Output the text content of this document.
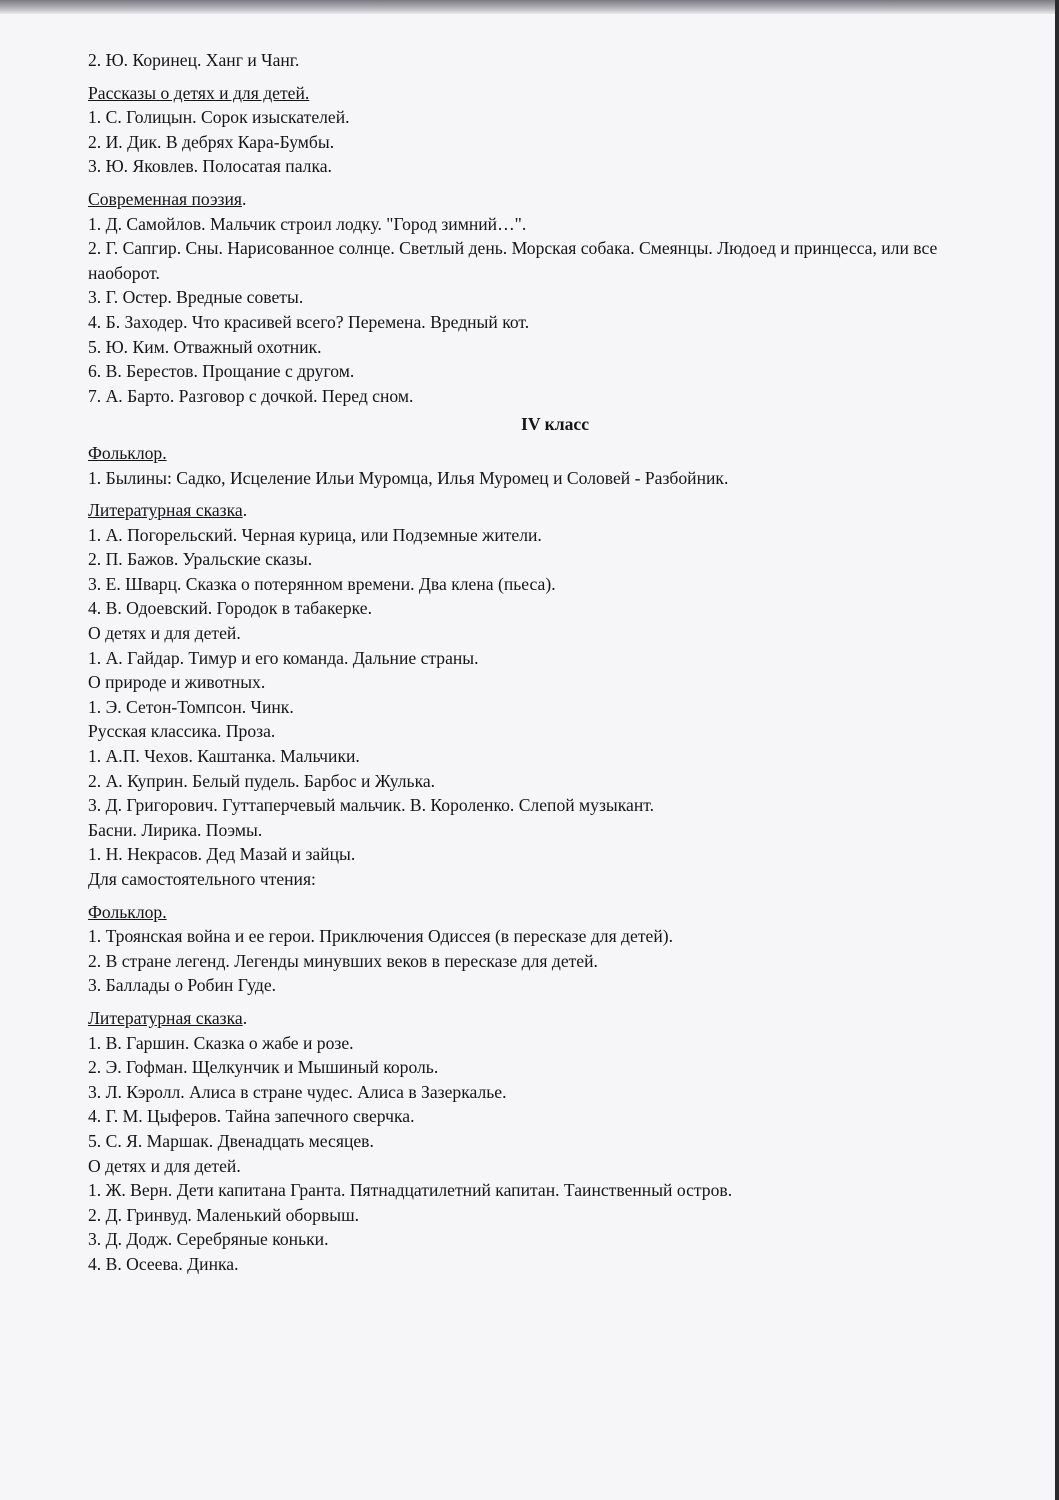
2. Ю. Коринец. Ханг и Чанг.
Рассказы о детях и для детей.
1. С. Голицын. Сорок изыскателей.
2. И. Дик. В дебрях Кара-Бумбы.
3. Ю. Яковлев. Полосатая палка.
Современная поэзия.
1. Д. Самойлов. Мальчик строил лодку. "Город зимний…".
2. Г. Сапгир. Сны. Нарисованное солнце. Светлый день. Морская собака. Смеянцы. Людоед и принцесса, или все наоборот.
3. Г. Остер. Вредные советы.
4. Б. Заходер. Что красивей всего? Перемена. Вредный кот.
5. Ю. Ким. Отважный охотник.
6. В. Берестов. Прощание с другом.
7. А. Барто. Разговор с дочкой. Перед сном.
IV класс
Фольклор.
1. Былины: Садко, Исцеление Ильи Муромца, Илья Муромец и Соловей - Разбойник.
Литературная сказка.
1. А. Погорельский. Черная курица, или Подземные жители.
2. П. Бажов. Уральские сказы.
3. Е. Шварц. Сказка о потерянном времени. Два клена (пьеса).
4. В. Одоевский. Городок в табакерке.
О детях и для детей.
1. А. Гайдар. Тимур и его команда. Дальние страны.
О природе и животных.
1. Э. Сетон-Томпсон. Чинк.
Русская классика. Проза.
1. А.П. Чехов. Каштанка. Мальчики.
2. А. Куприн. Белый пудель. Барбос и Жулька.
3. Д. Григорович. Гуттаперчевый мальчик. В. Короленко. Слепой музыкант.
Басни. Лирика. Поэмы.
1. Н. Некрасов. Дед Мазай и зайцы.
Для самостоятельного чтения:
Фольклор.
1. Троянская война и ее герои. Приключения Одиссея (в пересказе для детей).
2. В стране легенд. Легенды минувших веков в пересказе для детей.
3. Баллады о Робин Гуде.
Литературная сказка.
1. В. Гаршин. Сказка о жабе и розе.
2. Э. Гофман. Щелкунчик и Мышиный король.
3. Л. Кэролл. Алиса в стране чудес. Алиса в Зазеркалье.
4. Г. М. Цыферов. Тайна запечного сверчка.
5. С. Я. Маршак. Двенадцать месяцев.
О детях и для детей.
1. Ж. Верн. Дети капитана Гранта. Пятнадцатилетний капитан. Таинственный остров.
2. Д. Гринвуд. Маленький оборвыш.
3. Д. Додж. Серебряные коньки.
4. В. Осеева. Динка.
